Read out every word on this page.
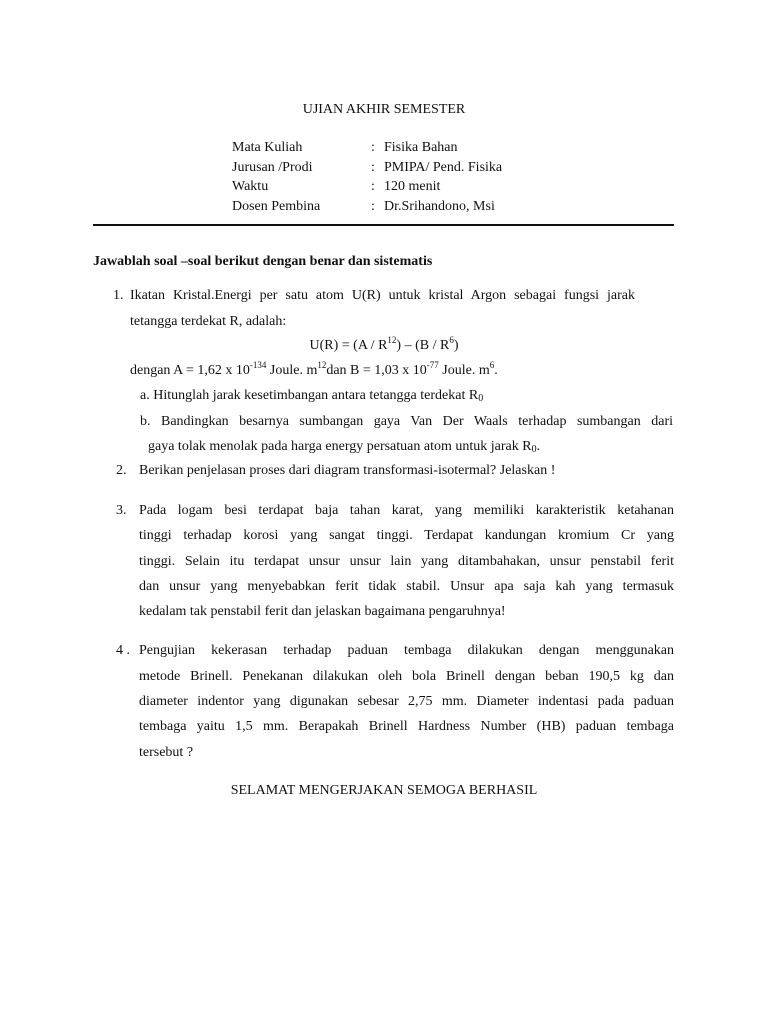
UJIAN AKHIR SEMESTER
Mata Kuliah	: Fisika Bahan
Jurusan /Prodi	: PMIPA/ Pend. Fisika
Waktu	: 120 menit
Dosen Pembina	: Dr.Srihandono, Msi
Jawablah soal –soal berikut dengan benar dan sistematis
1. Ikatan Kristal.Energi per satu atom U(R) untuk kristal Argon sebagai fungsi jarak
tetangga terdekat R, adalah:
$U(R) = (A / R^{12}) - (B / R^6)$
dengan A = 1,62 x $10^{-134}$ Joule. $m^{12}dan$ B = 1,03 x $10^{-77}$ Joule. $m^6$.
a. Hitunglah jarak kesetimbangan antara tetangga terdekat $R_0$
b. Bandingkan besarnya sumbangan gaya Van Der Waals terhadap sumbangan dari
gaya tolak menolak pada harga energy persatuan atom untuk jarak $R_0$.
2. Berikan penjelasan proses dari diagram transformasi-isotermal? Jelaskan !
3. Pada logam besi terdapat baja tahan karat, yang memiliki karakteristik ketahanan
tinggi terhadap korosi yang sangat tinggi. Terdapat kandungan kromium Cr yang
tinggi. Selain itu terdapat unsur unsur lain yang ditambahakan, unsur penstabil ferit
dan unsur yang menyebabkan ferit tidak stabil. Unsur apa saja kah yang termasuk
kedalam tak penstabil ferit dan jelaskan bagaimana pengaruhnya!
4 . Pengujian kekerasan terhadap paduan tembaga dilakukan dengan menggunakan
metode Brinell. Penekanan dilakukan oleh bola Brinell dengan beban 190,5 kg dan
diameter indentor yang digunakan sebesar 2,75 mm. Diameter indentasi pada paduan
tembaga yaitu 1,5 mm. Berapakah Brinell Hardness Number (HB) paduan tembaga
tersebut ?
SELAMAT MENGERJAKAN SEMOGA BERHASIL
